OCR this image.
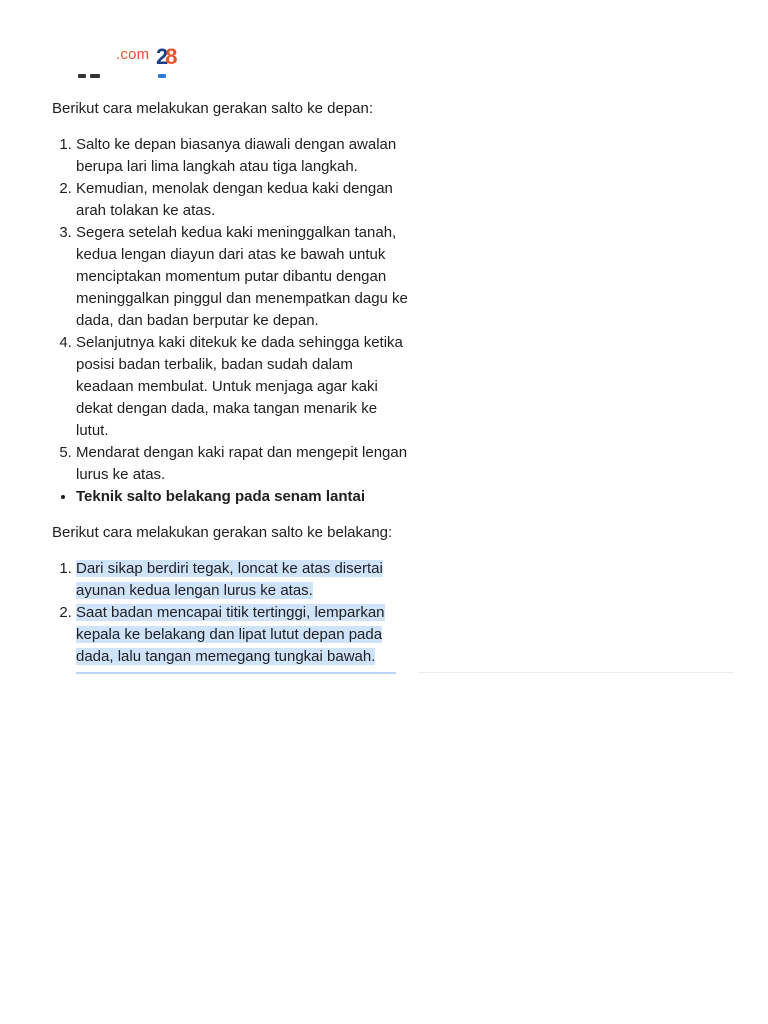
.com 28

Berikut cara melakukan gerakan salto ke depan:

1. Salto ke depan biasanya diawali dengan awalan berupa lari lima langkah atau tiga langkah.
2. Kemudian, menolak dengan kedua kaki dengan arah tolakan ke atas.
3. Segera setelah kedua kaki meninggalkan tanah, kedua lengan diayun dari atas ke bawah untuk menciptakan momentum putar dibantu dengan meninggalkan pinggul dan menempatkan dagu ke dada, dan badan berputar ke depan.
4. Selanjutnya kaki ditekuk ke dada sehingga ketika posisi badan terbalik, badan sudah dalam keadaan membulat. Untuk menjaga agar kaki dekat dengan dada, maka tangan menarik ke lutut.
5. Mendarat dengan kaki rapat dan mengepit lengan lurus ke atas.
• Teknik salto belakang pada senam lantai

Berikut cara melakukan gerakan salto ke belakang:

1. Dari sikap berdiri tegak, loncat ke atas disertai ayunan kedua lengan lurus ke atas.
2. Saat badan mencapai titik tertinggi, lemparkan kepala ke belakang dan lipat lutut depan pada dada, lalu tangan memegang tungkai bawah.
